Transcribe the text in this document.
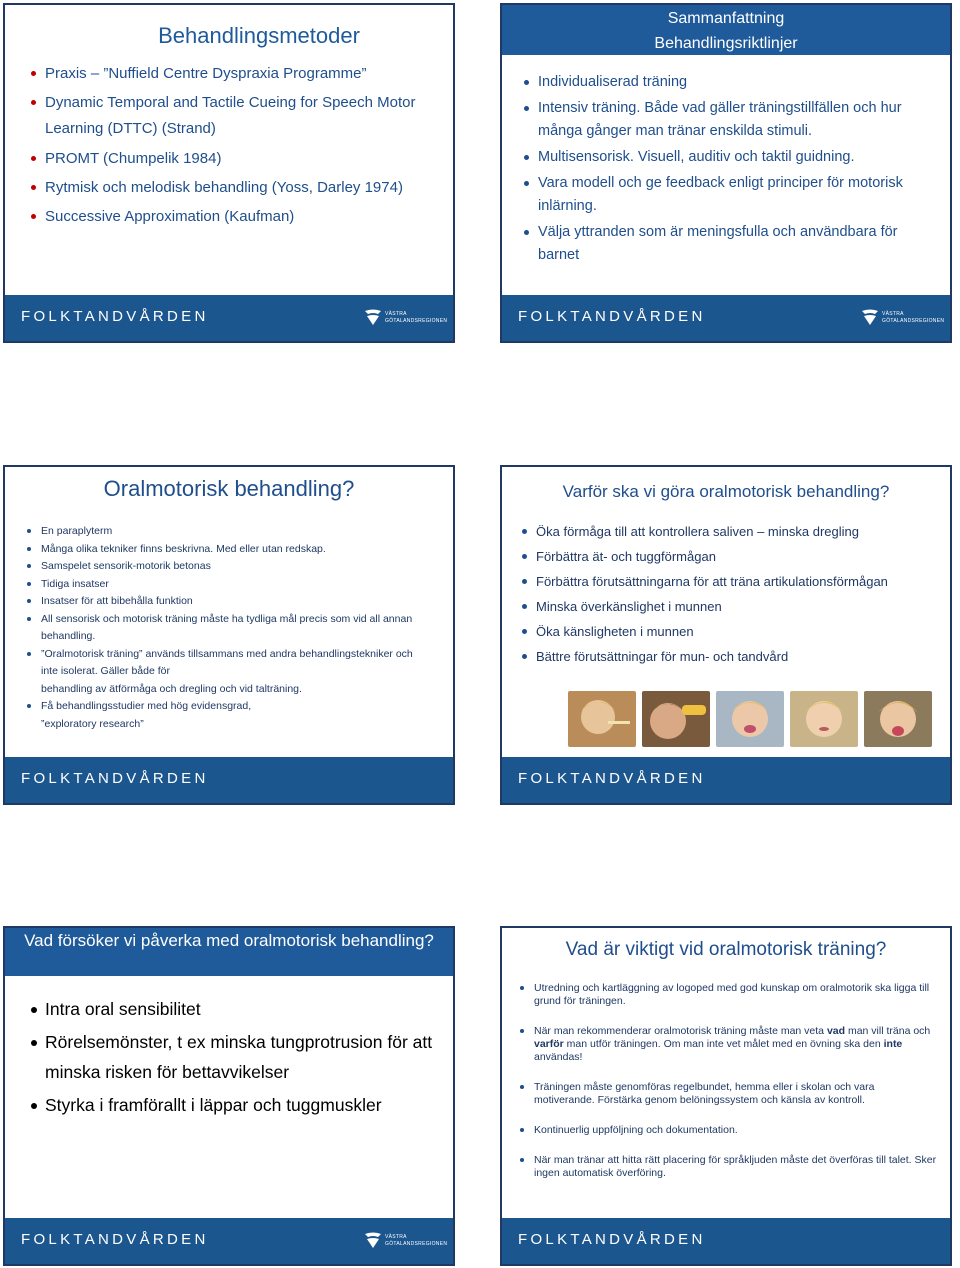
Behandlingsmetoder
Praxis – ”Nuffield Centre Dyspraxia Programme”
Dynamic Temporal and Tactile Cueing for Speech Motor Learning (DTTC) (Strand)
PROMT (Chumpelik 1984)
Rytmisk och melodisk behandling (Yoss, Darley 1974)
Successive Approximation (Kaufman)
FOLKTANDVÅRDEN	VÄSTRA
GÖTALANDSREGIONEN
Sammanfattning
Behandlingsriktlinjer
Individualiserad träning
Intensiv träning. Både vad gäller träningstillfällen och hur många gånger man tränar enskilda stimuli.
Multisensorisk. Visuell, auditiv och taktil guidning.
Vara modell och ge feedback enligt principer för motorisk inlärning.
Välja yttranden som är meningsfulla och användbara för barnet
FOLKTANDVÅRDEN	VÄSTRA
GÖTALANDSREGIONEN
Oralmotorisk behandling?
En paraplyterm
Många olika tekniker finns beskrivna. Med eller utan redskap.
Samspelet sensorik-motorik betonas
Tidiga insatser
Insatser för att bibehålla funktion
All sensorisk och motorisk träning måste ha tydliga mål precis som vid all annan behandling.
”Oralmotorisk träning” används tillsammans med andra behandlingstekniker och inte isolerat. Gäller både för
behandling av ätförmåga och dregling och vid talträning.
Få behandlingsstudier med hög evidensgrad,
”exploratory research”
FOLKTANDVÅRDEN
Varför ska vi göra oralmotorisk behandling?
Öka förmåga till att kontrollera saliven – minska dregling
Förbättra ät- och tuggförmågan
Förbättra förutsättningarna för att träna artikulationsförmågan
Minska överkänslighet i munnen
Öka känsligheten i munnen
Bättre förutsättningar för mun- och tandvård
FOLKTANDVÅRDEN
Vad försöker vi påverka med oralmotorisk behandling?
Intra oral sensibilitet
Rörelsemönster, t ex minska tungprotrusion för att minska risken för bettavvikelser
Styrka i framförallt i läppar och tuggmuskler
FOLKTANDVÅRDEN	VÄSTRA
GÖTALANDSREGIONEN
Vad är viktigt vid oralmotorisk träning?
Utredning och kartläggning av logoped med god kunskap om oralmotorik ska ligga till grund för träningen.
När man rekommenderar oralmotorisk träning måste man veta vad man vill träna och varför man utför träningen. Om man inte vet målet med en övning ska den inte användas!
Träningen måste genomföras regelbundet, hemma eller i skolan och vara motiverande. Förstärka genom belöningssystem och känsla av kontroll.
Kontinuerlig uppföljning och dokumentation.
När man tränar att hitta rätt placering för språkljuden måste det överföras till talet. Sker ingen automatisk överföring.
FOLKTANDVÅRDEN
